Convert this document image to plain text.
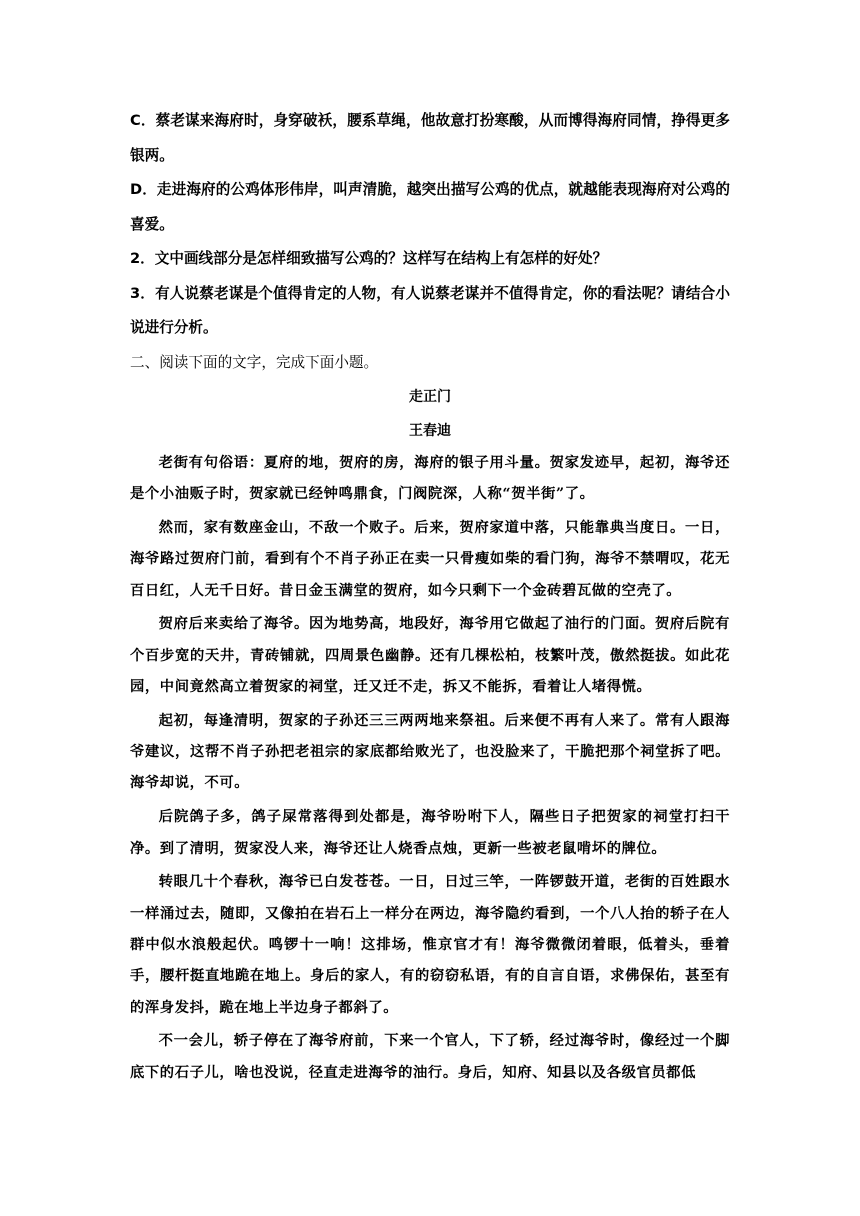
C．蔡老谋来海府时，身穿破袄，腰系草绳，他故意打扮寒酸，从而博得海府同情，挣得更多银两。

D．走进海府的公鸡体形伟岸，叫声清脆，越突出描写公鸡的优点，就越能表现海府对公鸡的喜爱。

2．文中画线部分是怎样细致描写公鸡的？这样写在结构上有怎样的好处？

3．有人说蔡老谋是个值得肯定的人物，有人说蔡老谋并不值得肯定，你的看法呢？请结合小说进行分析。

二、阅读下面的文字，完成下面小题。

走正门

王春迪

老街有句俗语：夏府的地，贺府的房，海府的银子用斗量。贺家发迹早，起初，海爷还是个小油贩子时，贺家就已经钟鸣鼎食，门阀院深，人称“贺半街”了。

然而，家有数座金山，不敌一个败子。后来，贺府家道中落，只能靠典当度日。一日，海爷路过贺府门前，看到有个不肖子孙正在卖一只骨瘦如柴的看门狗，海爷不禁喟叹，花无百日红，人无千日好。昔日金玉满堂的贺府，如今只剩下一个金砖碧瓦做的空壳了。

贺府后来卖给了海爷。因为地势高，地段好，海爷用它做起了油行的门面。贺府后院有个百步宽的天井，青砖铺就，四周景色幽静。还有几棵松柏，枝繁叶茂，傲然挺拔。如此花园，中间竟然高立着贺家的祠堂，迁又迁不走，拆又不能拆，看着让人堵得慌。

起初，每逢清明，贺家的子孙还三三两两地来祭祖。后来便不再有人来了。常有人跟海爷建议，这帮不肖子孙把老祖宗的家底都给败光了，也没脸来了，干脆把那个祠堂拆了吧。海爷却说，不可。

后院鸽子多，鸽子屎常落得到处都是，海爷吩咐下人，隔些日子把贺家的祠堂打扫干净。到了清明，贺家没人来，海爷还让人烧香点烛，更新一些被老鼠啃坏的牌位。

转眼几十个春秋，海爷已白发苍苍。一日，日过三竿，一阵锣鼓开道，老街的百姓跟水一样涌过去，随即，又像拍在岩石上一样分在两边，海爷隐约看到，一个八人抬的轿子在人群中似水浪般起伏。鸣锣十一响！这排场，惟京官才有！海爷微微闭着眼，低着头，垂着手，腰杆挺直地跪在地上。身后的家人，有的窃窃私语，有的自言自语，求佛保佑，甚至有的浑身发抖，跪在地上半边身子都斜了。

不一会儿，轿子停在了海爷府前，下来一个官人，下了轿，经过海爷时，像经过一个脚底下的石子儿，啥也没说，径直走进海爷的油行。身后，知府、知县以及各级官员都低
